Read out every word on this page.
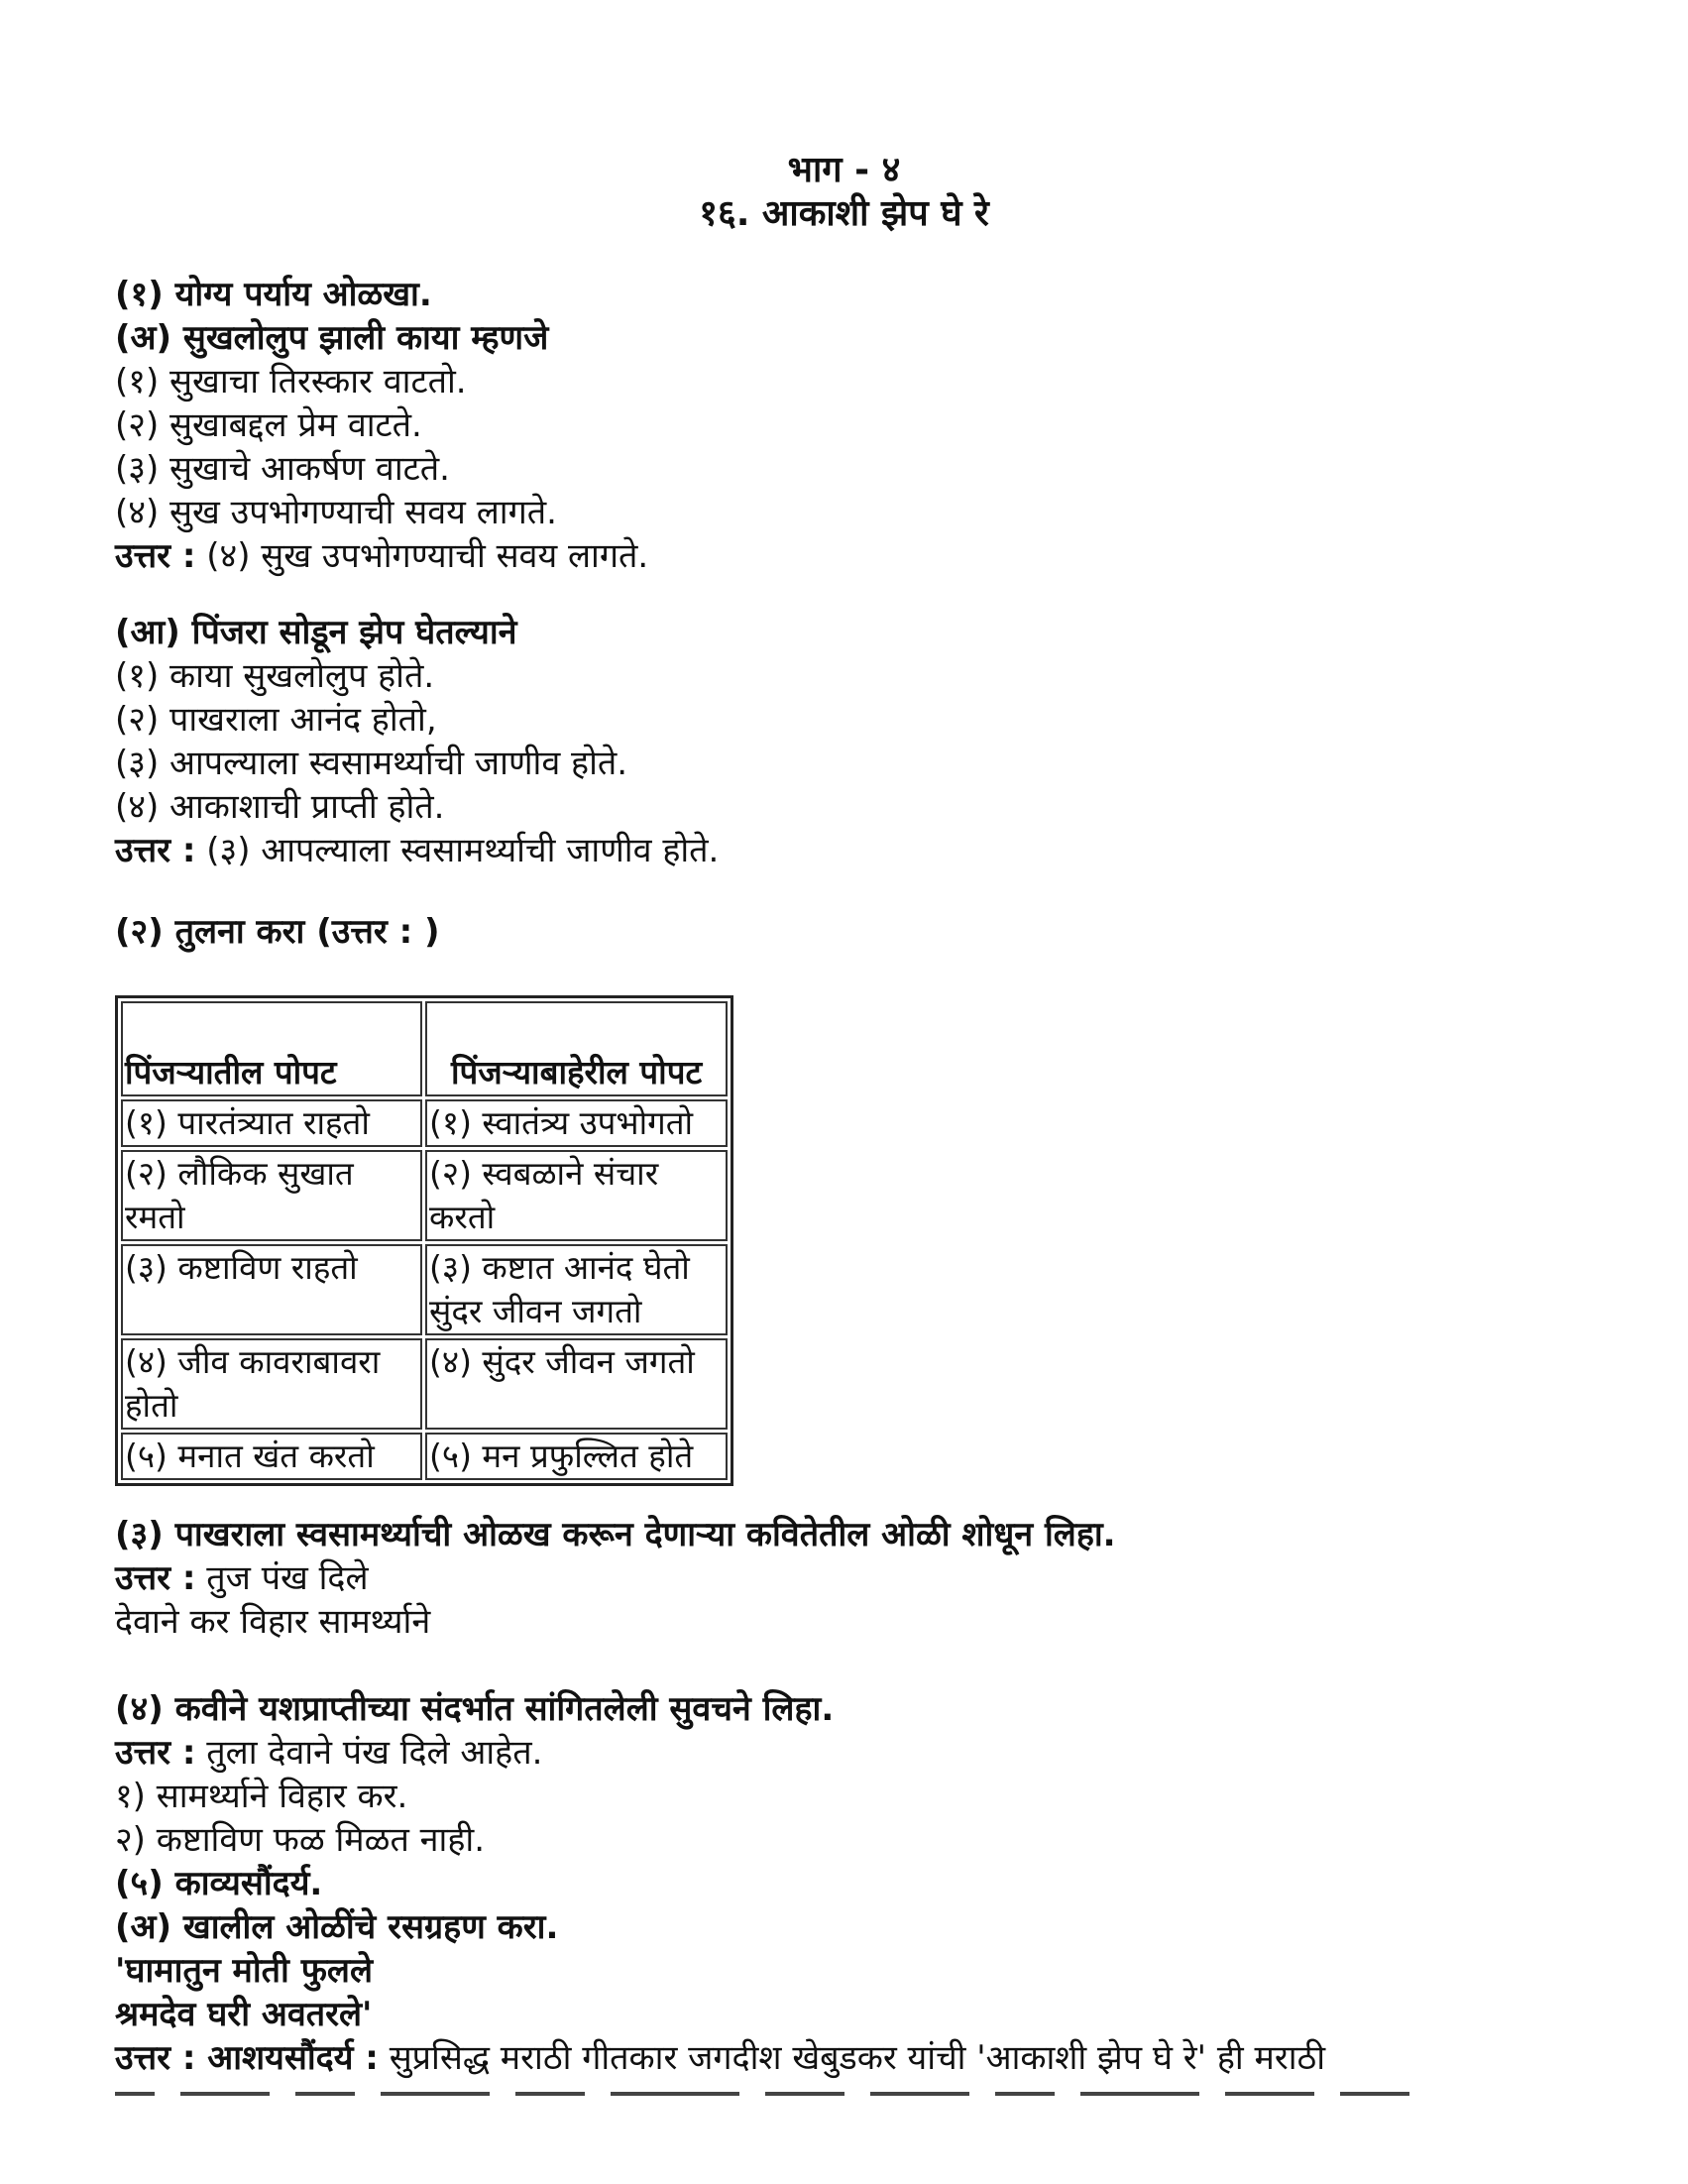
भाग - ४
१६. आकाशी झेप घे रे
(१) योग्य पर्याय ओळखा.
(अ) सुखलोलुप झाली काया म्हणजे
(१) सुखाचा तिरस्कार वाटतो.
(२) सुखाबद्दल प्रेम वाटते.
(३) सुखाचे आकर्षण वाटते.
(४) सुख उपभोगण्याची सवय लागते.
उत्तर : (४) सुख उपभोगण्याची सवय लागते.
(आ) पिंजरा सोडून झेप घेतल्याने
(१) काया सुखलोलुप होते.
(२) पाखराला आनंद होतो,
(३) आपल्याला स्वसामर्थ्याची जाणीव होते.
(४) आकाशाची प्राप्ती होते.
उत्तर : (३) आपल्याला स्वसामर्थ्याची जाणीव होते.
(२) तुलना करा (उत्तर : )
पिंजऱ्यातील पोपट	पिंजऱ्याबाहेरील पोपट
(१) पारतंत्र्यात राहतो	(१) स्वातंत्र्य उपभोगतो
(२) लौकिक सुखात रमतो	(२) स्वबळाने संचार करतो
(३) कष्टाविण राहतो	(३) कष्टात आनंद घेतो सुंदर जीवन जगतो
(४) जीव कावराबावरा होतो	(४) सुंदर जीवन जगतो
(५) मनात खंत करतो	(५) मन प्रफुल्लित होते
(३) पाखराला स्वसामर्थ्याची ओळख करून देणाऱ्या कवितेतील ओळी शोधून लिहा.
उत्तर : तुज पंख दिले
देवाने कर विहार सामर्थ्याने
(४) कवीने यशप्राप्तीच्या संदर्भात सांगितलेली सुवचने लिहा.
उत्तर : तुला देवाने पंख दिले आहेत.
१) सामर्थ्याने विहार कर.
२) कष्टाविण फळ मिळत नाही.
(५) काव्यसौंदर्य.
(अ) खालील ओळींचे रसग्रहण करा.
'घामातुन मोती फुलले
श्रमदेव घरी अवतरले'
उत्तर : आशयसौंदर्य : सुप्रसिद्ध मराठी गीतकार जगदीश खेबुडकर यांची 'आकाशी झेप घे रे' ही मराठी
